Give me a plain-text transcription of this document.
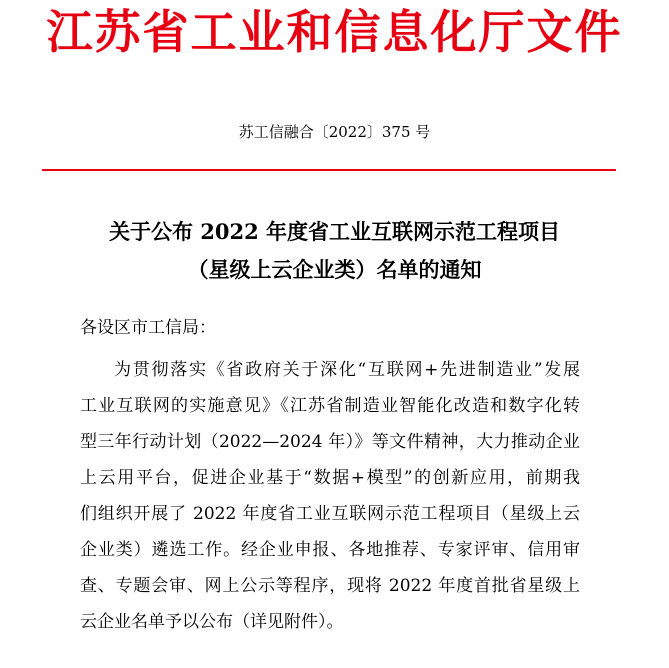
江苏省工业和信息化厅文件
苏工信融合〔2022〕375 号
关于公布 2022 年度省工业互联网示范工程项目
（星级上云企业类）名单的通知
各设区市工信局：
为贯彻落实《省政府关于深化“互联网+先进制造业”发展
工业互联网的实施意见》《江苏省制造业智能化改造和数字化转
型三年行动计划（2022—2024 年）》等文件精神，大力推动企业
上云用平台，促进企业基于“数据+模型”的创新应用，前期我
们组织开展了 2022 年度省工业互联网示范工程项目（星级上云
企业类）遴选工作。经企业申报、各地推荐、专家评审、信用审
查、专题会审、网上公示等程序，现将 2022 年度首批省星级上
云企业名单予以公布（详见附件）。
